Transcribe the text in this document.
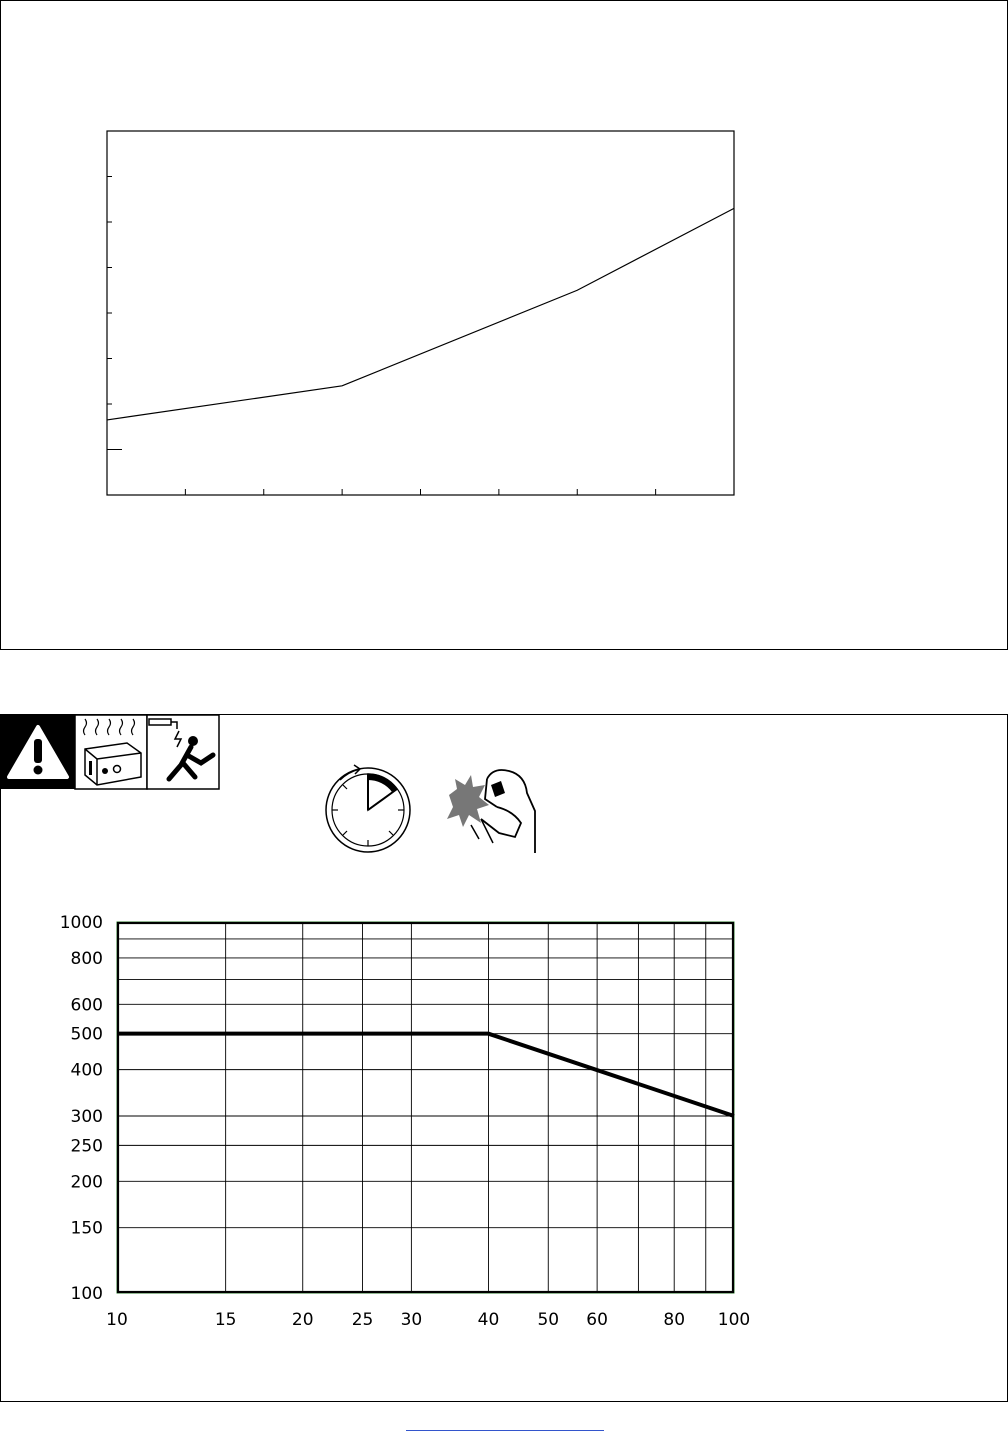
10	15	20 25 30	40 50 60	80 100
100
150
200
250
300
400
500
600
800
1000
